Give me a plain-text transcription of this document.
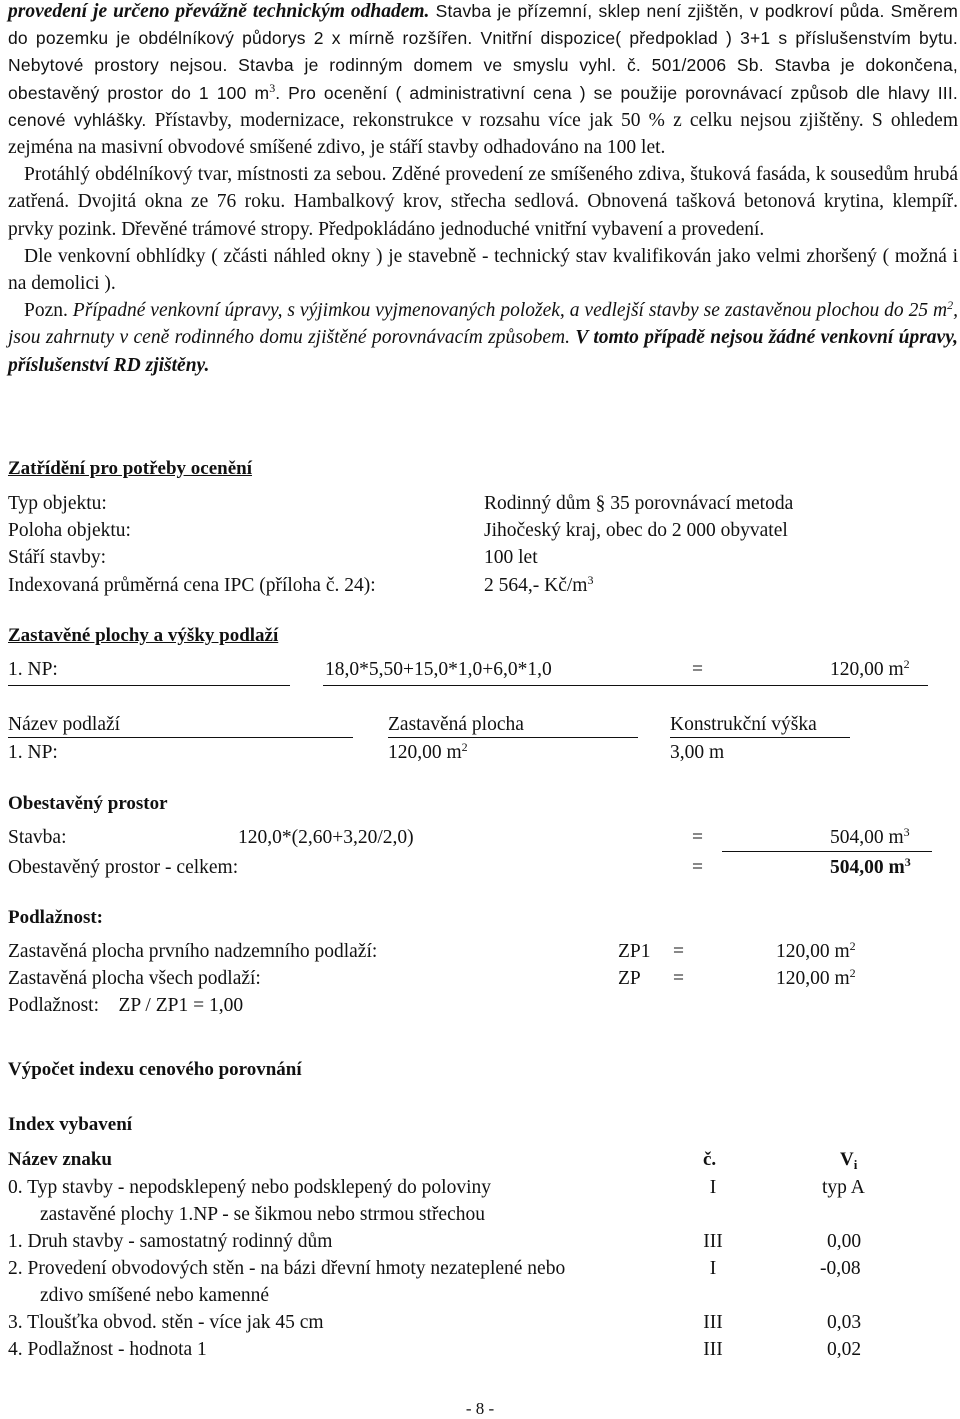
provedení je určeno převážně technickým odhadem. Stavba je přízemní, sklep není zjištěn, v podkroví půda. Směrem do pozemku je obdélníkový půdorys 2 x mírně rozšířen. Vnitřní dispozice( předpoklad ) 3+1 s příslušenstvím bytu. Nebytové prostory nejsou. Stavba je rodinným domem ve smyslu vyhl. č. 501/2006 Sb. Stavba je dokončena, obestavěný prostor do 1 100 $m^3$. Pro ocenění ( administrativní cena ) se použije porovnávací způsob dle hlavy III. cenové vyhlášky. Přístavby, modernizace, rekonstrukce v rozsahu více jak 50 % z celku nejsou zjištěny. S ohledem zejména na masivní obvodové smíšené zdivo, je stáří stavby odhadováno na 100 let.

Protáhlý obdélníkový tvar, místnosti za sebou. Zděné provedení ze smíšeného zdiva, štuková fasáda, k sousedům hrubá zatřená. Dvojitá okna ze 76 roku. Hambalkový krov, střecha sedlová. Obnovená tašková betonová krytina, klempíř. prvky pozink. Dřevěné trámové stropy. Předpokládáno jednoduché vnitřní vybavení a provedení.

Dle venkovní obhlídky ( zčásti náhled okny ) je stavebně - technický stav kvalifikován jako velmi zhoršený ( možná i na demolici ).

Pozn. Případné venkovní úpravy, s výjimkou vyjmenovaných položek, a vedlejší stavby se zastavěnou plochou do 25 $m^2$, jsou zahrnuty v ceně rodinného domu zjištěné porovnávacím způsobem. V tomto případě nejsou žádné venkovní úpravy, příslušenství RD zjištěny.

Zatřídění pro potřeby ocenění
Typ objektu:	Rodinný dům § 35 porovnávací metoda
Poloha objektu:	Jihočeský kraj, obec do 2 000 obyvatel
Stáří stavby:	100 let
Indexovaná průměrná cena IPC (příloha č. 24):	2 564,- $Kč/m^3$
Zastavěné plochy a výšky podlaží
1. NP:	18,0*5,50+15,0*1,0+6,0*1,0	=	120,00 $m^2$
Název podlaží	Zastavěná plocha	Konstrukční výška
1. NP:	120,00 $m^2$	3,00 m
Obestavěný prostor
Stavba:	120,0*(2,60+3,20/2,0)	=	504,00 $m^3$
Obestavěný prostor - celkem:	=	504,00 $m^3$
Podlažnost:
Zastavěná plocha prvního nadzemního podlaží:	ZP1 =	120,00 $m^2$
Zastavěná plocha všech podlaží:	ZP =	120,00 $m^2$
Podlažnost:    ZP / ZP1 = 1,00
Výpočet indexu cenového porovnání
Index vybavení
Název znaku	č.	$V_i$
0. Typ stavby - nepodsklepený nebo podsklepený do poloviny	I	typ A
zastavěné plochy 1.NP - se šikmou nebo strmou střechou
1. Druh stavby - samostatný rodinný dům	III	0,00
2. Provedení obvodových stěn - na bázi dřevní hmoty nezateplené nebo	I	-0,08
zdivo smíšené nebo kamenné
3. Tloušťka obvod. stěn - více jak 45 cm	III	0,03
4. Podlažnost - hodnota 1	III	0,02
- 8 -
